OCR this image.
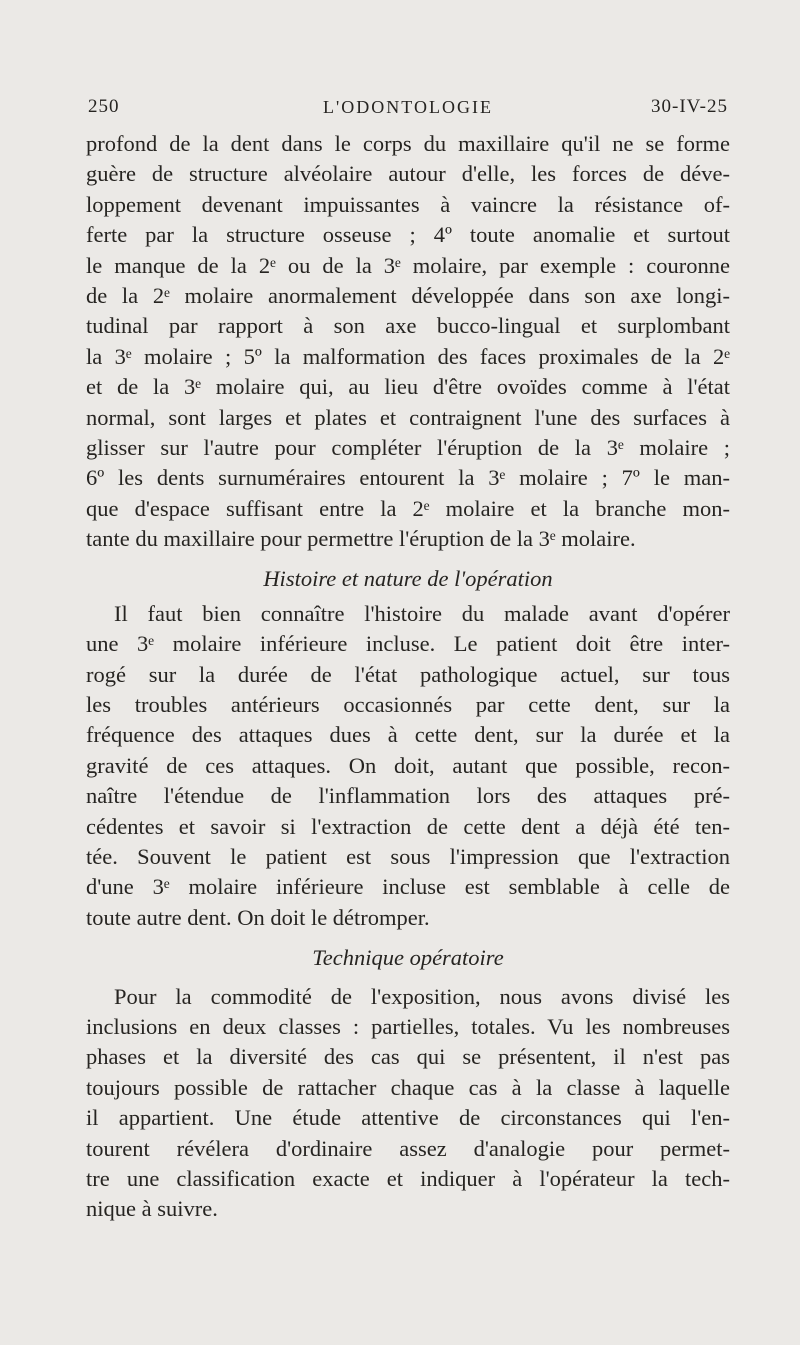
250	L'ODONTOLOGIE	30-IV-25
profond de la dent dans le corps du maxillaire qu'il ne se forme
guère de structure alvéolaire autour d'elle, les forces de déve-
loppement devenant impuissantes à vaincre la résistance of-
ferte par la structure osseuse ; 4º toute anomalie et surtout
le manque de la 2ᵉ ou de la 3ᵉ molaire, par exemple : couronne
de la 2ᵉ molaire anormalement développée dans son axe longi-
tudinal par rapport à son axe bucco-lingual et surplombant
la 3ᵉ molaire ; 5º la malformation des faces proximales de la 2ᵉ
et de la 3ᵉ molaire qui, au lieu d'être ovoïdes comme à l'état
normal, sont larges et plates et contraignent l'une des surfaces à
glisser sur l'autre pour compléter l'éruption de la 3ᵉ molaire ;
6º les dents surnuméraires entourent la 3ᵉ molaire ; 7º le man-
que d'espace suffisant entre la 2ᵉ molaire et la branche mon-
tante du maxillaire pour permettre l'éruption de la 3ᵉ molaire.
Histoire et nature de l'opération
Il faut bien connaître l'histoire du malade avant d'opérer
une 3ᵉ molaire inférieure incluse. Le patient doit être inter-
rogé sur la durée de l'état pathologique actuel, sur tous
les troubles antérieurs occasionnés par cette dent, sur la
fréquence des attaques dues à cette dent, sur la durée et la
gravité de ces attaques. On doit, autant que possible, recon-
naître l'étendue de l'inflammation lors des attaques pré-
cédentes et savoir si l'extraction de cette dent a déjà été ten-
tée. Souvent le patient est sous l'impression que l'extraction
d'une 3ᵉ molaire inférieure incluse est semblable à celle de
toute autre dent. On doit le détromper.
Technique opératoire
Pour la commodité de l'exposition, nous avons divisé les
inclusions en deux classes : partielles, totales. Vu les nombreuses
phases et la diversité des cas qui se présentent, il n'est pas
toujours possible de rattacher chaque cas à la classe à laquelle
il appartient. Une étude attentive de circonstances qui l'en-
tourent révélera d'ordinaire assez d'analogie pour permet-
tre une classification exacte et indiquer à l'opérateur la tech-
nique à suivre.
